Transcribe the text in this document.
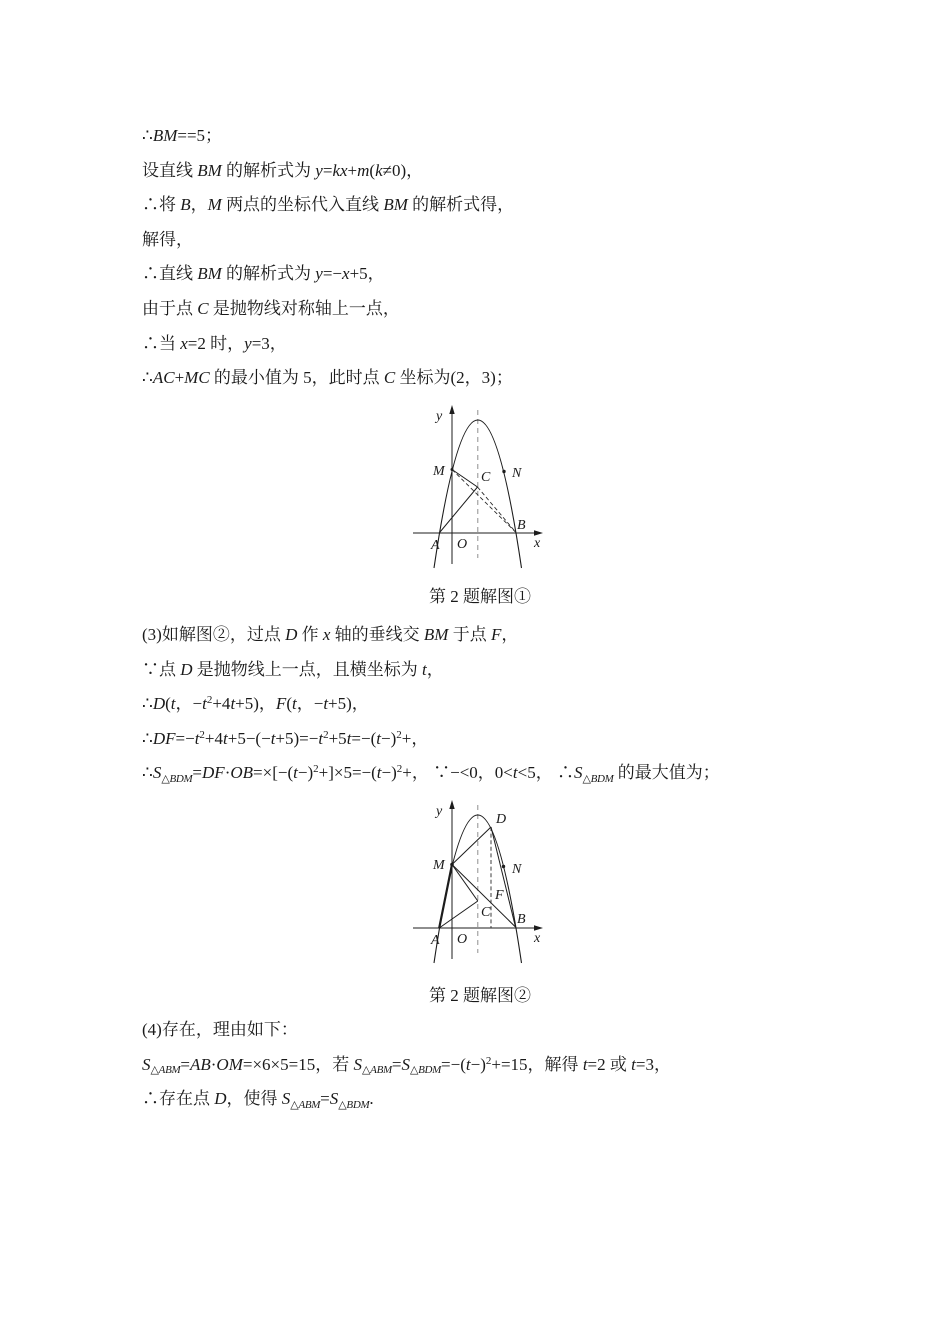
∴BM==5；

设直线 BM 的解析式为 y=kx+m(k≠0)，

∴将 B，M 两点的坐标代入直线 BM 的解析式得，

解得，

∴直线 BM 的解析式为 y=−x+5，

由于点 C 是抛物线对称轴上一点，

∴当 x=2 时，y=3，

∴AC+MC 的最小值为 5，此时点 C 坐标为(2，3)；

y
x
O
A
B
M	C N
第 2 题解图①

(3)如解图②，过点 D 作 x 轴的垂线交 BM 于点 F，

∵点 D 是抛物线上一点，且横坐标为 t，

∴D(t，$-t^2+4t+5$)，F(t，−t+5)，

$\therefore DF=-t^2+4t+5-(-t+5)=-t^2+5t=-(t-)^2+$，

$\therefore S_{\triangle BDM}=DF\cdot OB=\times[-(t-)^2+]\times 5=-(t-)^2+$， ∵−<0，0<t<5， $\therefore S_{\triangle BDM}$ 的最大值为；

y
x
O
A
B
M
D
N
F
C
第 2 题解图②

(4)存在，理由如下：

$S_{\triangle ABM}=AB\cdot OM=\times 6\times 5=15$，若 $S_{\triangle ABM}=S_{\triangle BDM}=-(t-)^2+=15$，解得 t=2 或 t=3，

∴存在点 D，使得 $S_{\triangle ABM}=S_{\triangle BDM}$.
